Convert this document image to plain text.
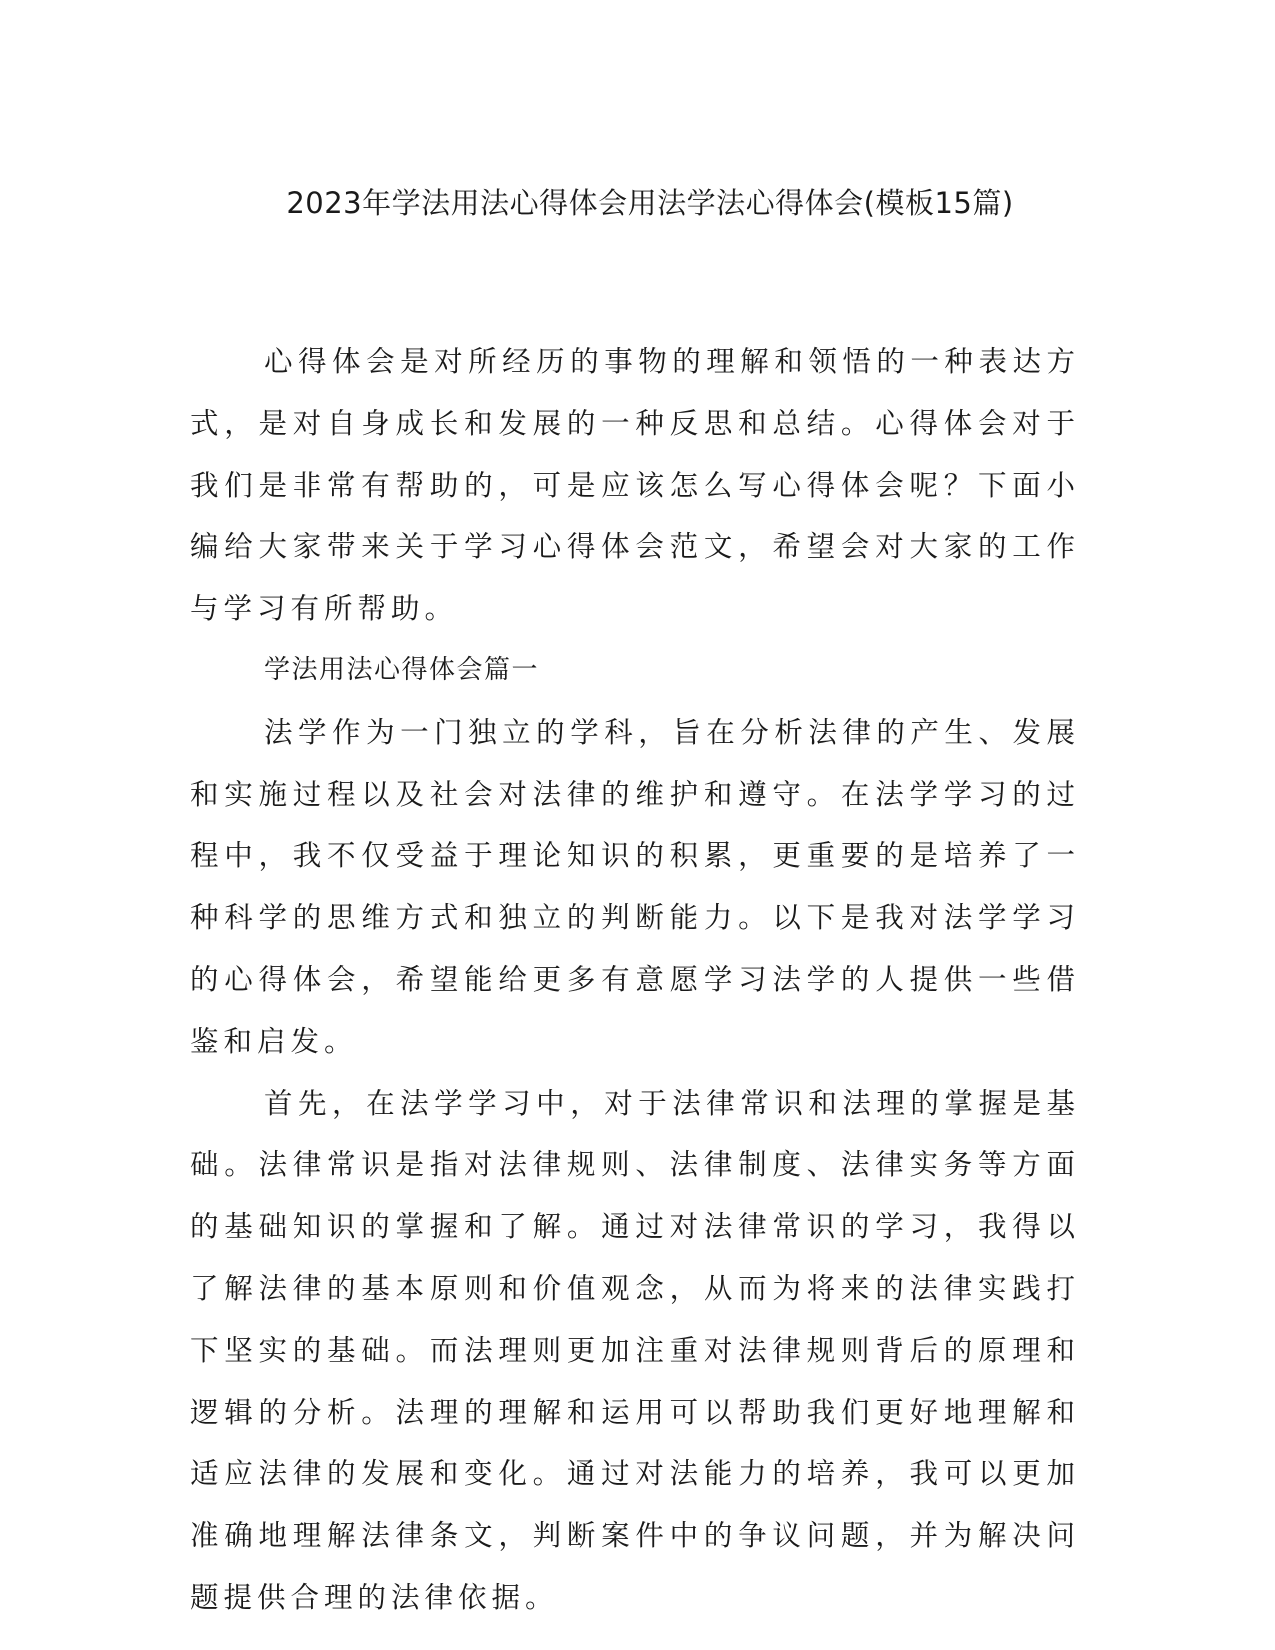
2023年学法用法心得体会用法学法心得体会(模板15篇)

心得体会是对所经历的事物的理解和领悟的一种表达方式，是对自身成长和发展的一种反思和总结。心得体会对于我们是非常有帮助的，可是应该怎么写心得体会呢？下面小编给大家带来关于学习心得体会范文，希望会对大家的工作与学习有所帮助。

学法用法心得体会篇一

法学作为一门独立的学科，旨在分析法律的产生、发展和实施过程以及社会对法律的维护和遵守。在法学学习的过程中，我不仅受益于理论知识的积累，更重要的是培养了一种科学的思维方式和独立的判断能力。以下是我对法学学习的心得体会，希望能给更多有意愿学习法学的人提供一些借鉴和启发。

首先，在法学学习中，对于法律常识和法理的掌握是基础。法律常识是指对法律规则、法律制度、法律实务等方面的基础知识的掌握和了解。通过对法律常识的学习，我得以了解法律的基本原则和价值观念，从而为将来的法律实践打下坚实的基础。而法理则更加注重对法律规则背后的原理和逻辑的分析。法理的理解和运用可以帮助我们更好地理解和适应法律的发展和变化。通过对法能力的培养，我可以更加准确地理解法律条文，判断案件中的争议问题，并为解决问题提供合理的法律依据。
